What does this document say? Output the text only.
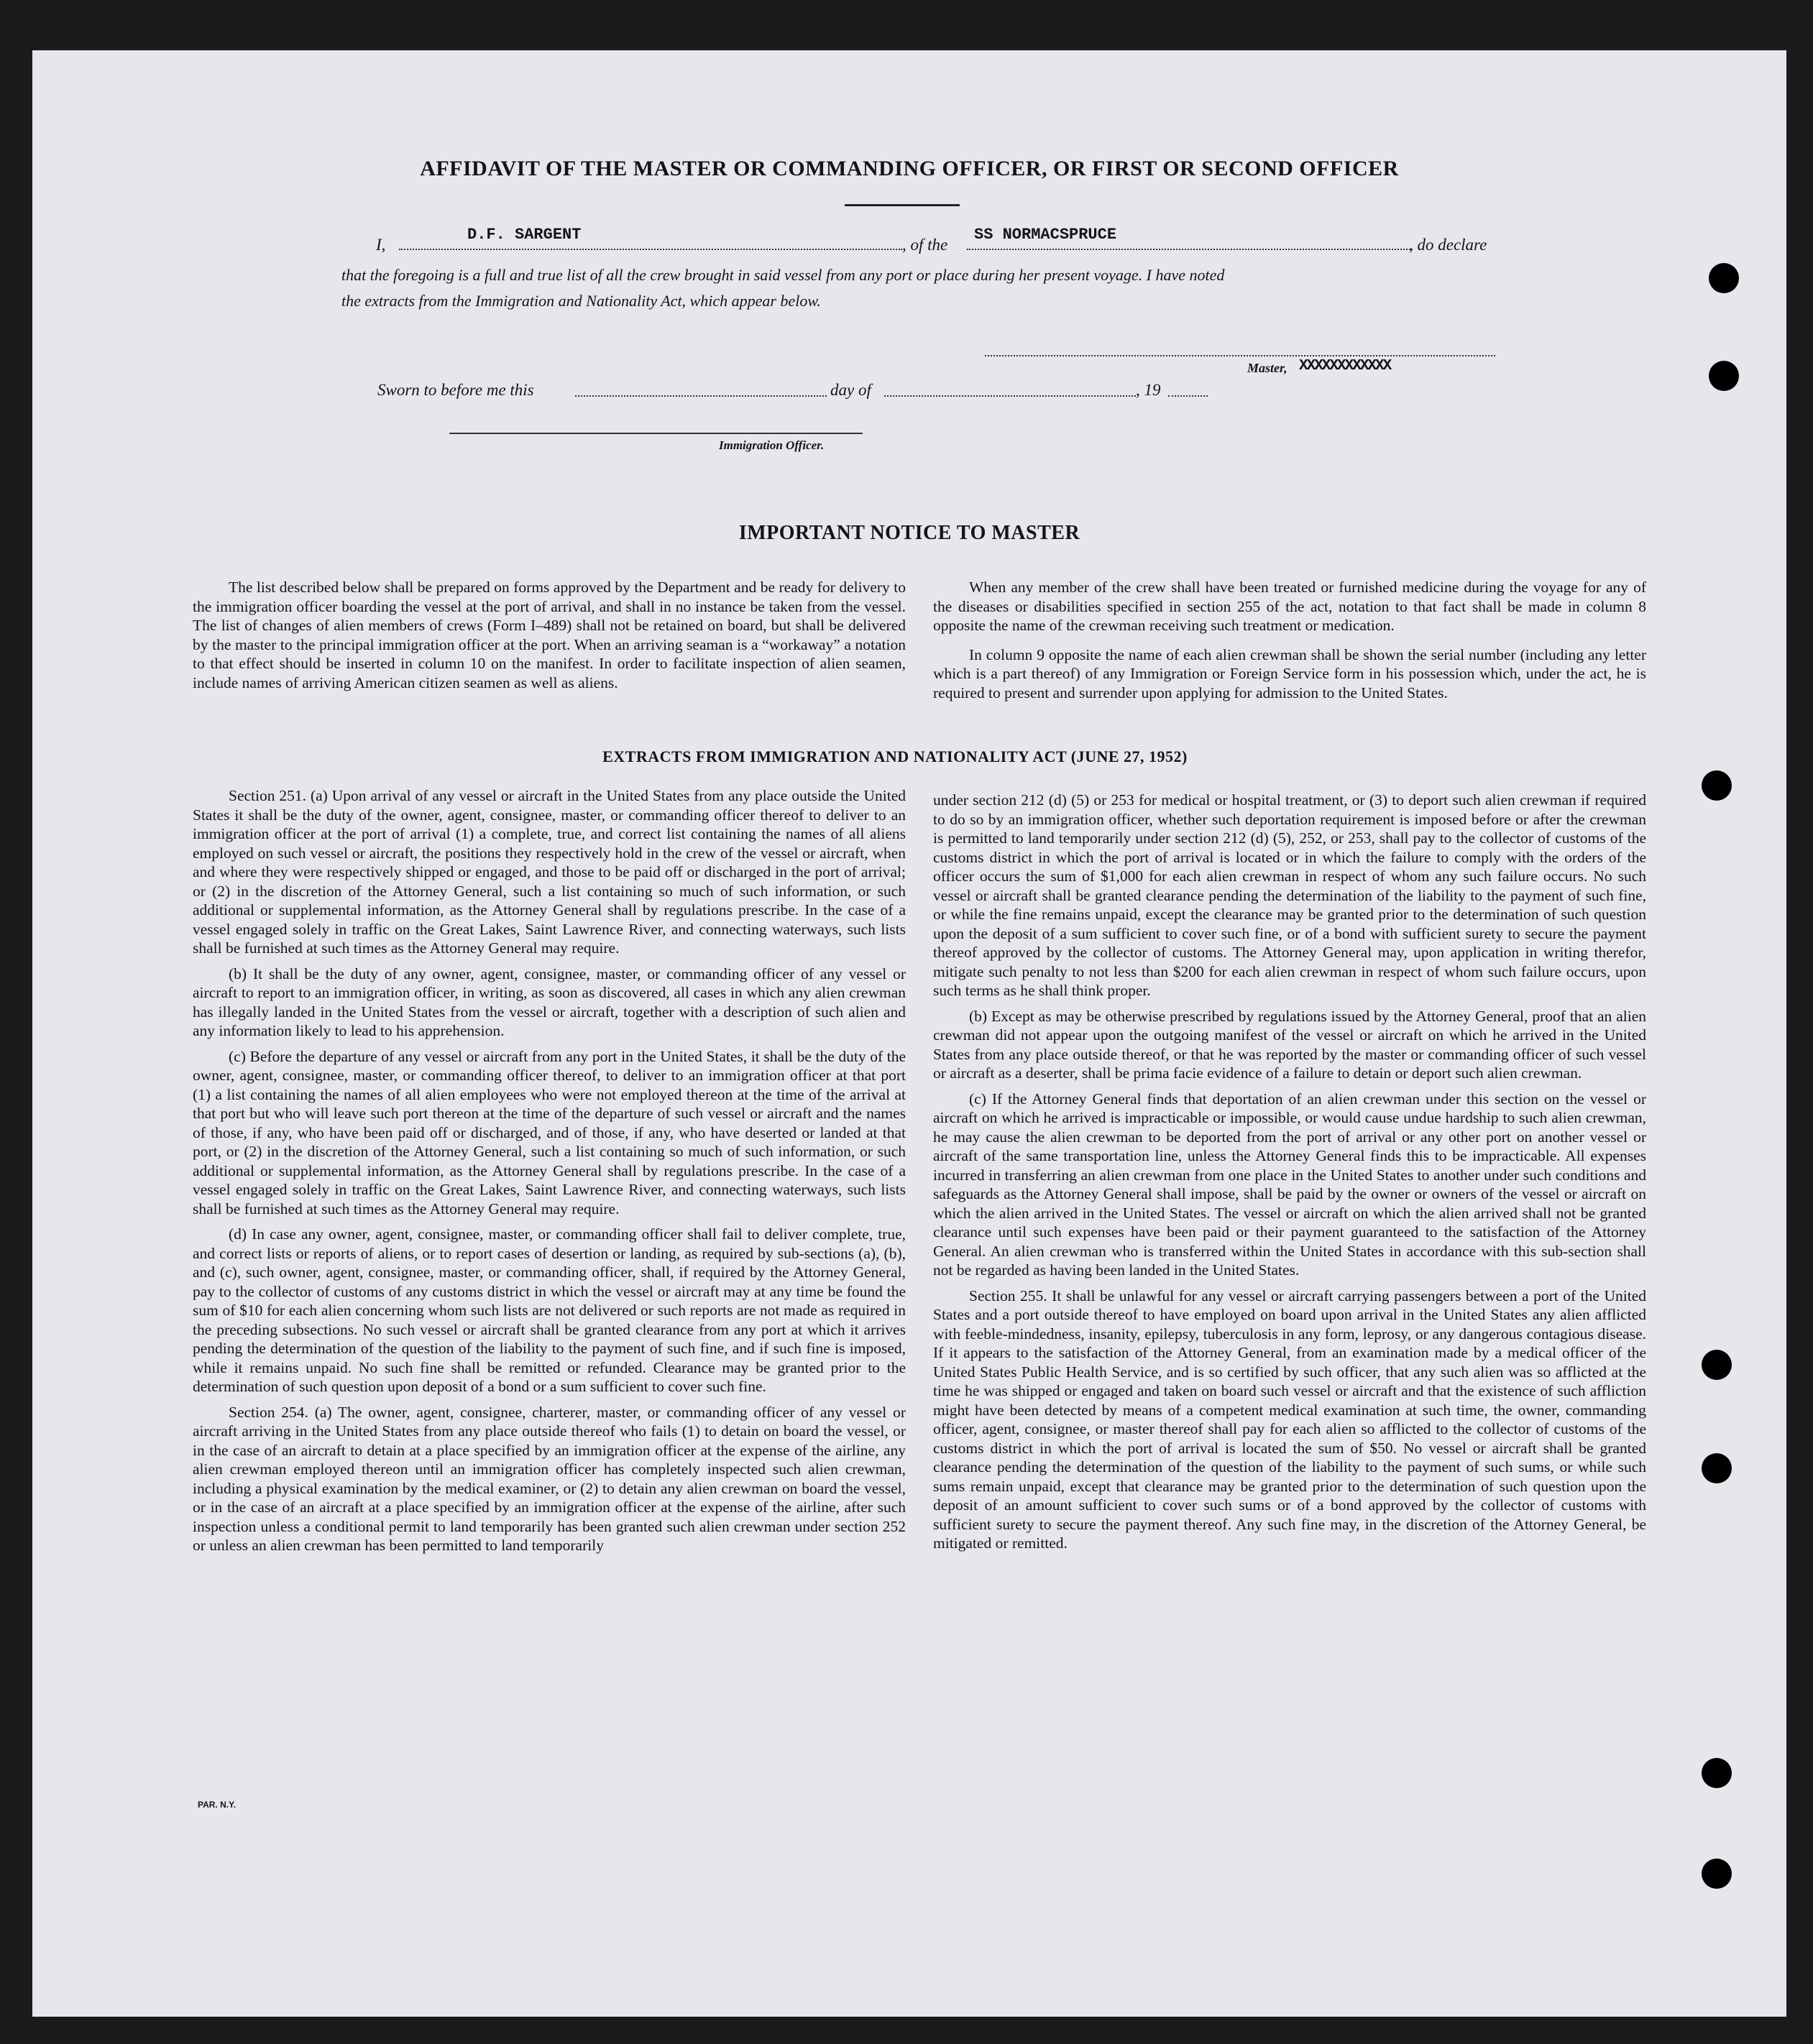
AFFIDAVIT OF THE MASTER OR COMMANDING OFFICER, OR FIRST OR SECOND OFFICER
I,
D.F. SARGENT
, of the
SS NORMACSPRUCE
, do declare
that the foregoing is a full and true list of all the crew brought in said vessel from any port or place during her present voyage. I have noted
the extracts from the Immigration and Nationality Act, which appear below.
Master, XXXXXXXXXXXX
Sworn to before me this	day of	, 19
Immigration Officer.
IMPORTANT NOTICE TO MASTER

The list described below shall be prepared on forms approved by the Department and be ready for delivery to the immigration officer boarding the vessel at the port of arrival, and shall in no instance be taken from the vessel. The list of changes of alien members of crews (Form I–489) shall not be retained on board, but shall be delivered by the master to the principal immigration officer at the port. When an arriving seaman is a “workaway” a notation to that effect should be inserted in column 10 on the manifest. In order to facilitate inspection of alien seamen, include names of arriving American citizen seamen as well as aliens.

When any member of the crew shall have been treated or furnished medicine during the voyage for any of the diseases or disabilities specified in section 255 of the act, notation to that fact shall be made in column 8 opposite the name of the crewman receiving such treatment or medication.

In column 9 opposite the name of each alien crewman shall be shown the serial number (including any letter which is a part thereof) of any Immigration or Foreign Service form in his possession which, under the act, he is required to present and surrender upon applying for admission to the United States.

EXTRACTS FROM IMMIGRATION AND NATIONALITY ACT (JUNE 27, 1952)

Section 251. (a) Upon arrival of any vessel or aircraft in the United States from any place outside the United States it shall be the duty of the owner, agent, consignee, master, or commanding officer thereof to deliver to an immigration officer at the port of arrival (1) a complete, true, and correct list containing the names of all aliens employed on such vessel or aircraft, the positions they respectively hold in the crew of the vessel or aircraft, when and where they were respectively shipped or engaged, and those to be paid off or discharged in the port of arrival; or (2) in the discretion of the Attorney General, such a list containing so much of such information, or such additional or supplemental information, as the Attorney General shall by regulations prescribe. In the case of a vessel engaged solely in traffic on the Great Lakes, Saint Lawrence River, and connecting waterways, such lists shall be furnished at such times as the Attorney General may require.

(b) It shall be the duty of any owner, agent, consignee, master, or commanding officer of any vessel or aircraft to report to an immigration officer, in writing, as soon as discovered, all cases in which any alien crewman has illegally landed in the United States from the vessel or aircraft, together with a description of such alien and any information likely to lead to his apprehension.

(c) Before the departure of any vessel or aircraft from any port in the United States, it shall be the duty of the owner, agent, consignee, master, or commanding officer thereof, to deliver to an immigration officer at that port (1) a list containing the names of all alien employees who were not employed thereon at the time of the arrival at that port but who will leave such port thereon at the time of the departure of such vessel or aircraft and the names of those, if any, who have been paid off or discharged, and of those, if any, who have deserted or landed at that port, or (2) in the discretion of the Attorney General, such a list containing so much of such information, or such additional or supplemental information, as the Attorney General shall by regulations prescribe. In the case of a vessel engaged solely in traffic on the Great Lakes, Saint Lawrence River, and connecting waterways, such lists shall be furnished at such times as the Attorney General may require.

(d) In case any owner, agent, consignee, master, or commanding officer shall fail to deliver complete, true, and correct lists or reports of aliens, or to report cases of desertion or landing, as required by sub-sections (a), (b), and (c), such owner, agent, consignee, master, or commanding officer, shall, if required by the Attorney General, pay to the collector of customs of any customs district in which the vessel or aircraft may at any time be found the sum of $10 for each alien concerning whom such lists are not delivered or such reports are not made as required in the preceding subsections. No such vessel or aircraft shall be granted clearance from any port at which it arrives pending the determination of the question of the liability to the payment of such fine, and if such fine is imposed, while it remains unpaid. No such fine shall be remitted or refunded. Clearance may be granted prior to the determination of such question upon deposit of a bond or a sum sufficient to cover such fine.

Section 254. (a) The owner, agent, consignee, charterer, master, or commanding officer of any vessel or aircraft arriving in the United States from any place outside thereof who fails (1) to detain on board the vessel, or in the case of an aircraft to detain at a place specified by an immigration officer at the expense of the airline, any alien crewman employed thereon until an immigration officer has completely inspected such alien crewman, including a physical examination by the medical examiner, or (2) to detain any alien crewman on board the vessel, or in the case of an aircraft at a place specified by an immigration officer at the expense of the airline, after such inspection unless a conditional permit to land temporarily has been granted such alien crewman under section 252 or unless an alien crewman has been permitted to land temporarily

under section 212 (d) (5) or 253 for medical or hospital treatment, or (3) to deport such alien crewman if required to do so by an immigration officer, whether such deportation requirement is imposed before or after the crewman is permitted to land temporarily under section 212 (d) (5), 252, or 253, shall pay to the collector of customs of the customs district in which the port of arrival is located or in which the failure to comply with the orders of the officer occurs the sum of $1,000 for each alien crewman in respect of whom any such failure occurs. No such vessel or aircraft shall be granted clearance pending the determination of the liability to the payment of such fine, or while the fine remains unpaid, except the clearance may be granted prior to the determination of such question upon the deposit of a sum sufficient to cover such fine, or of a bond with sufficient surety to secure the payment thereof approved by the collector of customs. The Attorney General may, upon application in writing therefor, mitigate such penalty to not less than $200 for each alien crewman in respect of whom such failure occurs, upon such terms as he shall think proper.

(b) Except as may be otherwise prescribed by regulations issued by the Attorney General, proof that an alien crewman did not appear upon the outgoing manifest of the vessel or aircraft on which he arrived in the United States from any place outside thereof, or that he was reported by the master or commanding officer of such vessel or aircraft as a deserter, shall be prima facie evidence of a failure to detain or deport such alien crewman.

(c) If the Attorney General finds that deportation of an alien crewman under this section on the vessel or aircraft on which he arrived is impracticable or impossible, or would cause undue hardship to such alien crewman, he may cause the alien crewman to be deported from the port of arrival or any other port on another vessel or aircraft of the same transportation line, unless the Attorney General finds this to be impracticable. All expenses incurred in transferring an alien crewman from one place in the United States to another under such conditions and safeguards as the Attorney General shall impose, shall be paid by the owner or owners of the vessel or aircraft on which the alien arrived in the United States. The vessel or aircraft on which the alien arrived shall not be granted clearance until such expenses have been paid or their payment guaranteed to the satisfaction of the Attorney General. An alien crewman who is transferred within the United States in accordance with this sub-section shall not be regarded as having been landed in the United States.

Section 255. It shall be unlawful for any vessel or aircraft carrying passengers between a port of the United States and a port outside thereof to have employed on board upon arrival in the United States any alien afflicted with feeble-mindedness, insanity, epilepsy, tuberculosis in any form, leprosy, or any dangerous contagious disease. If it appears to the satisfaction of the Attorney General, from an examination made by a medical officer of the United States Public Health Service, and is so certified by such officer, that any such alien was so afflicted at the time he was shipped or engaged and taken on board such vessel or aircraft and that the existence of such affliction might have been detected by means of a competent medical examination at such time, the owner, commanding officer, agent, consignee, or master thereof shall pay for each alien so afflicted to the collector of customs of the customs district in which the port of arrival is located the sum of $50. No vessel or aircraft shall be granted clearance pending the determination of the question of the liability to the payment of such sums, or while such sums remain unpaid, except that clearance may be granted prior to the determination of such question upon the deposit of an amount sufficient to cover such sums or of a bond approved by the collector of customs with sufficient surety to secure the payment thereof. Any such fine may, in the discretion of the Attorney General, be mitigated or remitted.

PAR. N.Y.
